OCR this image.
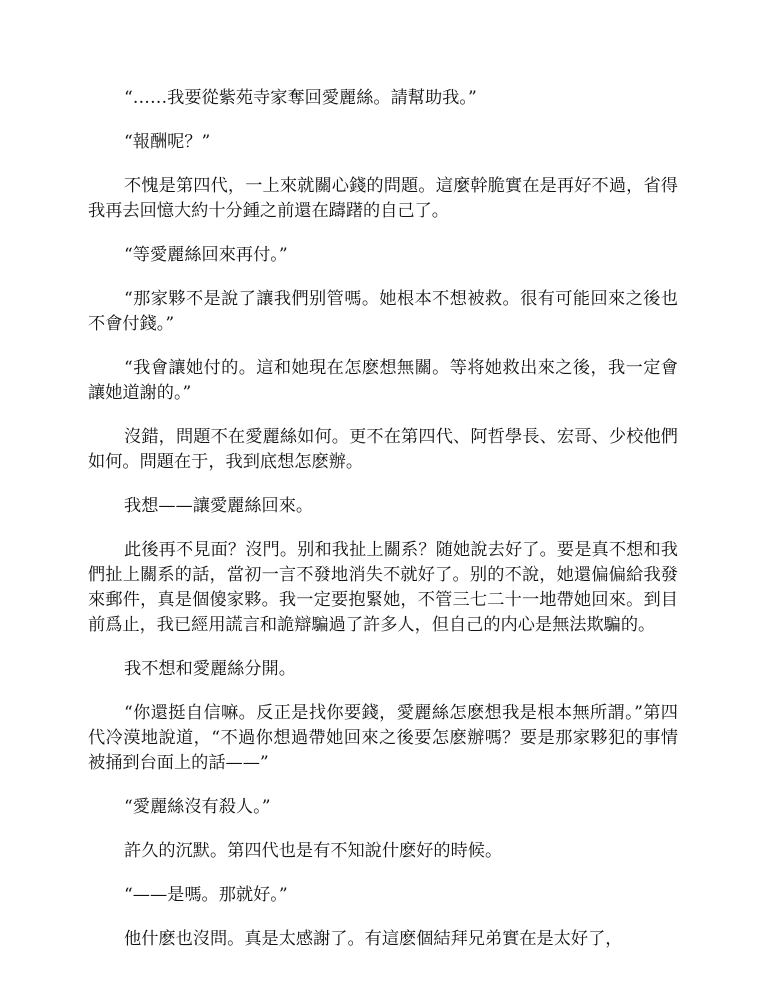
“……我要從紫苑寺家奪回愛麗絲。請幫助我。”

“報酬呢？”

不愧是第四代，一上來就關心錢的問題。這麼幹脆實在是再好不過，省得我再去回憶大約十分鍾之前還在躊躇的自己了。

“等愛麗絲回來再付。”

“那家夥不是說了讓我們别管嗎。她根本不想被救。很有可能回來之後也不會付錢。”

“我會讓她付的。這和她現在怎麽想無關。等将她救出來之後，我一定會讓她道謝的。”

沒錯，問題不在愛麗絲如何。更不在第四代、阿哲學長、宏哥、少校他們如何。問題在于，我到底想怎麽辦。

我想——讓愛麗絲回來。

此後再不見面？沒門。别和我扯上關系？随她說去好了。要是真不想和我們扯上關系的話，當初一言不發地消失不就好了。别的不說，她還偏偏給我發來郵件，真是個傻家夥。我一定要抱緊她，不管三七二十一地帶她回來。到目前爲止，我已經用謊言和詭辯騙過了許多人，但自己的内心是無法欺騙的。

我不想和愛麗絲分開。

“你還挺自信嘛。反正是找你要錢，愛麗絲怎麽想我是根本無所謂。”第四代冷漠地說道，“不過你想過帶她回來之後要怎麽辦嗎？要是那家夥犯的事情被捅到台面上的話——”

“愛麗絲沒有殺人。”

許久的沉默。第四代也是有不知說什麽好的時候。

“——是嗎。那就好。”

他什麽也沒問。真是太感謝了。有這麽個結拜兄弟實在是太好了，
